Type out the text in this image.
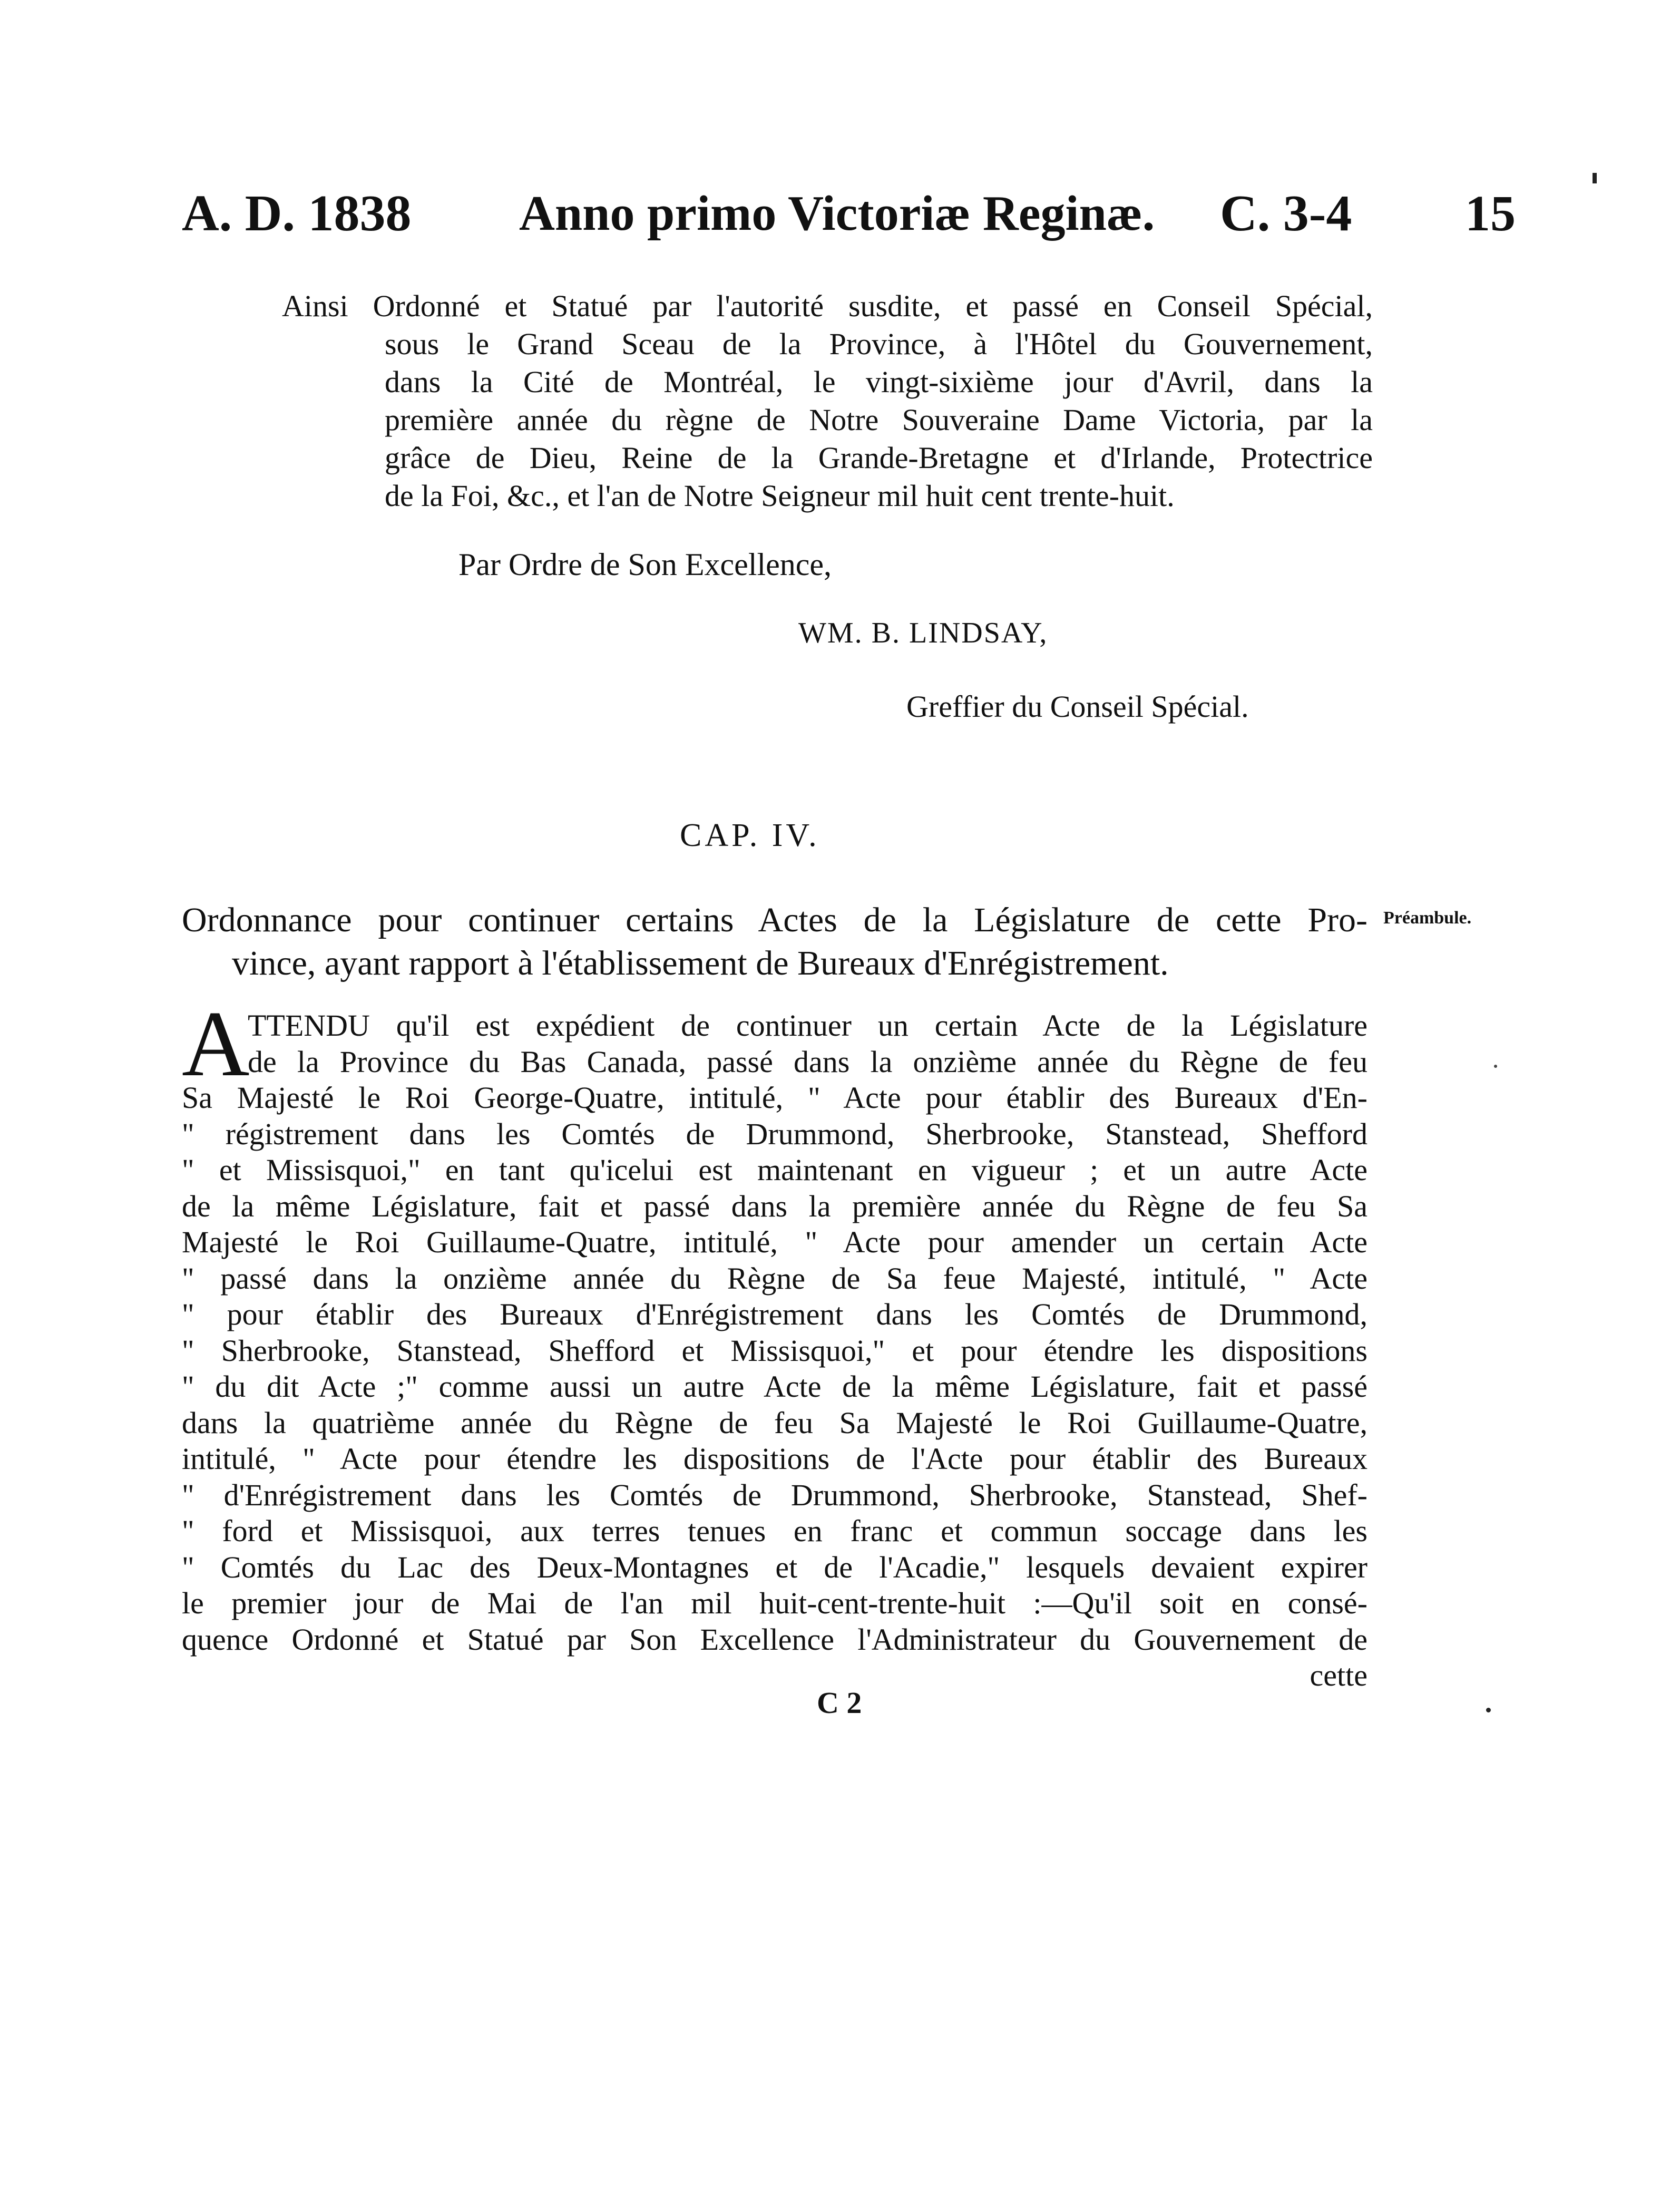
A. D. 1838 Anno primo Victoriæ Reginæ. C. 3-4 15
Ainsi Ordonné et Statué par l'autorité susdite, et passé en Conseil Spécial,
sous le Grand Sceau de la Province, à l'Hôtel du Gouvernement,
dans la Cité de Montréal, le vingt-sixième jour d'Avril, dans la
première année du règne de Notre Souveraine Dame Victoria, par la
grâce de Dieu, Reine de la Grande-Bretagne et d'Irlande, Protectrice
de la Foi, &c., et l'an de Notre Seigneur mil huit cent trente-huit.
Par Ordre de Son Excellence,
WM. B. LINDSAY,
Greffier du Conseil Spécial.
CAP. IV.
Ordonnance pour continuer certains Actes de la Législature de cette Pro-
vince, ayant rapport à l'établissement de Bureaux d'Enrégistrement.
Préambule.
A
TTENDU qu'il est expédient de continuer un certain Acte de la Législature
de la Province du Bas Canada, passé dans la onzième année du Règne de feu
Sa Majesté le Roi George-Quatre, intitulé, " Acte pour établir des Bureaux d'En-
" régistrement dans les Comtés de Drummond, Sherbrooke, Stanstead, Shefford
" et Missisquoi," en tant qu'icelui est maintenant en vigueur ; et un autre Acte
de la même Législature, fait et passé dans la première année du Règne de feu Sa
Majesté le Roi Guillaume-Quatre, intitulé, " Acte pour amender un certain Acte
" passé dans la onzième année du Règne de Sa feue Majesté, intitulé, " Acte
" pour établir des Bureaux d'Enrégistrement dans les Comtés de Drummond,
" Sherbrooke, Stanstead, Shefford et Missisquoi," et pour étendre les dispositions
" du dit Acte ;" comme aussi un autre Acte de la même Législature, fait et passé
dans la quatrième année du Règne de feu Sa Majesté le Roi Guillaume-Quatre,
intitulé, " Acte pour étendre les dispositions de l'Acte pour établir des Bureaux
" d'Enrégistrement dans les Comtés de Drummond, Sherbrooke, Stanstead, Shef-
" ford et Missisquoi, aux terres tenues en franc et commun soccage dans les
" Comtés du Lac des Deux-Montagnes et de l'Acadie," lesquels devaient expirer
le premier jour de Mai de l'an mil huit-cent-trente-huit :—Qu'il soit en consé-
quence Ordonné et Statué par Son Excellence l'Administrateur du Gouvernement de
cette
C 2
